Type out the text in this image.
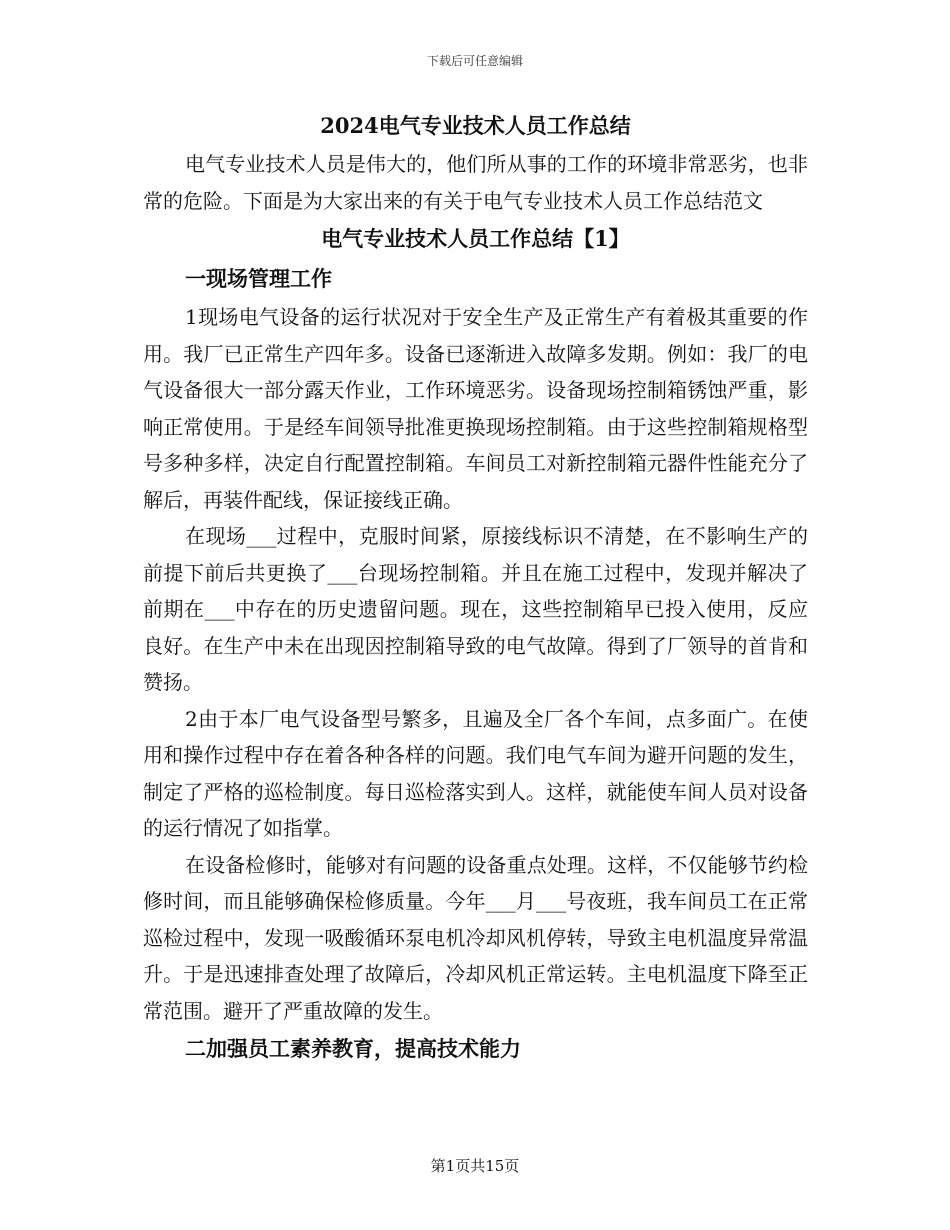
下载后可任意编辑
2024电气专业技术人员工作总结

电气专业技术人员是伟大的，他们所从事的工作的环境非常恶劣，也非常的危险。下面是为大家出来的有关于电气专业技术人员工作总结范文

电气专业技术人员工作总结【1】
一现场管理工作

1现场电气设备的运行状况对于安全生产及正常生产有着极其重要的作用。我厂已正常生产四年多。设备已逐渐进入故障多发期。例如：我厂的电气设备很大一部分露天作业，工作环境恶劣。设备现场控制箱锈蚀严重，影响正常使用。于是经车间领导批准更换现场控制箱。由于这些控制箱规格型号多种多样，决定自行配置控制箱。车间员工对新控制箱元器件性能充分了解后，再装件配线，保证接线正确。

在现场___过程中，克服时间紧，原接线标识不清楚，在不影响生产的前提下前后共更换了___台现场控制箱。并且在施工过程中，发现并解决了前期在___中存在的历史遗留问题。现在，这些控制箱早已投入使用，反应良好。在生产中未在出现因控制箱导致的电气故障。得到了厂领导的首肯和赞扬。

2由于本厂电气设备型号繁多，且遍及全厂各个车间，点多面广。在使用和操作过程中存在着各种各样的问题。我们电气车间为避开问题的发生，制定了严格的巡检制度。每日巡检落实到人。这样，就能使车间人员对设备的运行情况了如指掌。

在设备检修时，能够对有问题的设备重点处理。这样，不仅能够节约检修时间，而且能够确保检修质量。今年___月___号夜班，我车间员工在正常巡检过程中，发现一吸酸循环泵电机冷却风机停转，导致主电机温度异常温升。于是迅速排查处理了故障后，冷却风机正常运转。主电机温度下降至正常范围。避开了严重故障的发生。

二加强员工素养教育，提高技术能力
第1页共15页
